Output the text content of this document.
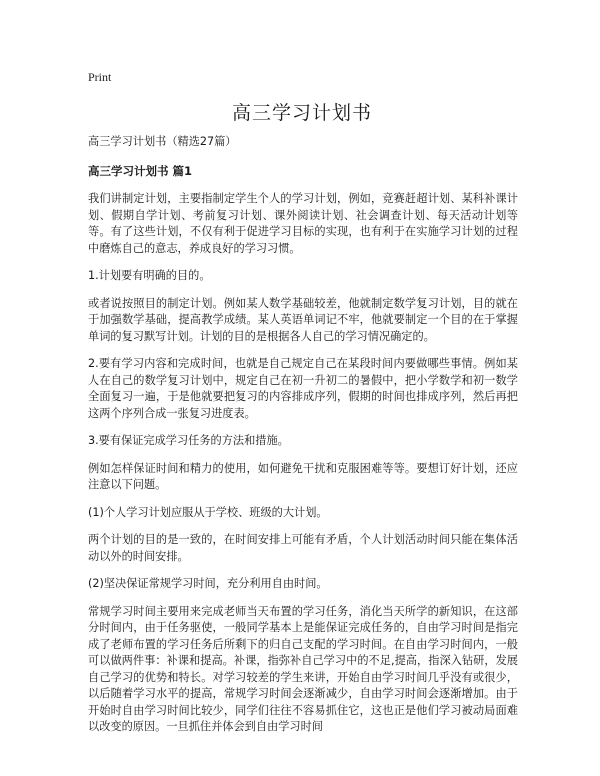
Print
高三学习计划书

高三学习计划书（精选27篇）

高三学习计划书 篇1

我们讲制定计划，主要指制定学生个人的学习计划，例如，竞赛赶超计划、某科补课计划、假期自学计划、考前复习计划、课外阅读计划、社会调查计划、每天活动计划等等。有了这些计划，不仅有利于促进学习目标的实现，也有利于在实施学习计划的过程中磨炼自己的意志，养成良好的学习习惯。

1.计划要有明确的目的。

或者说按照目的制定计划。例如某人数学基础较差，他就制定数学复习计划，目的就在于加强数学基础，提高教学成绩。某人英语单词记不牢，他就要制定一个目的在于掌握单词的复习默写计划。计划的目的是根据各人自己的学习情况确定的。

2.要有学习内容和完成时间，也就是自己规定自己在某段时间内要做哪些事情。例如某人在自己的数学复习计划中，规定自己在初一升初二的暑假中，把小学数学和初一数学全面复习一遍，于是他就要把复习的内容排成序列，假期的时间也排成序列，然后再把这两个序列合成一张复习进度表。

3.要有保证完成学习任务的方法和措施。

例如怎样保证时间和精力的使用，如何避免干扰和克服困难等等。要想订好计划，还应注意以下问题。

(1)个人学习计划应服从于学校、班级的大计划。

两个计划的目的是一致的，在时间安排上可能有矛盾，个人计划活动时间只能在集体活动以外的时间安排。

(2)坚决保证常规学习时间，充分利用自由时间。

常规学习时间主要用来完成老师当天布置的学习任务，消化当天所学的新知识，在这部分时间内，由于任务驱使，一般同学基本上是能保证完成任务的，自由学习时间是指完成了老师布置的学习任务后所剩下的归自己支配的学习时间。在自由学习时间内，一般可以做两件事：补课和提高。补课，指弥补自己学习中的不足,提高，指深入钻研，发展自己学习的优势和特长。对学习较差的学生来讲，开始自由学习时间几乎没有或很少，以后随着学习水平的提高，常规学习时间会逐渐减少，自由学习时间会逐渐增加。由于开始时自由学习时间比较少，同学们往往不容易抓住它，这也正是他们学习被动局面难以改变的原因。一旦抓住并体会到自由学习时间
